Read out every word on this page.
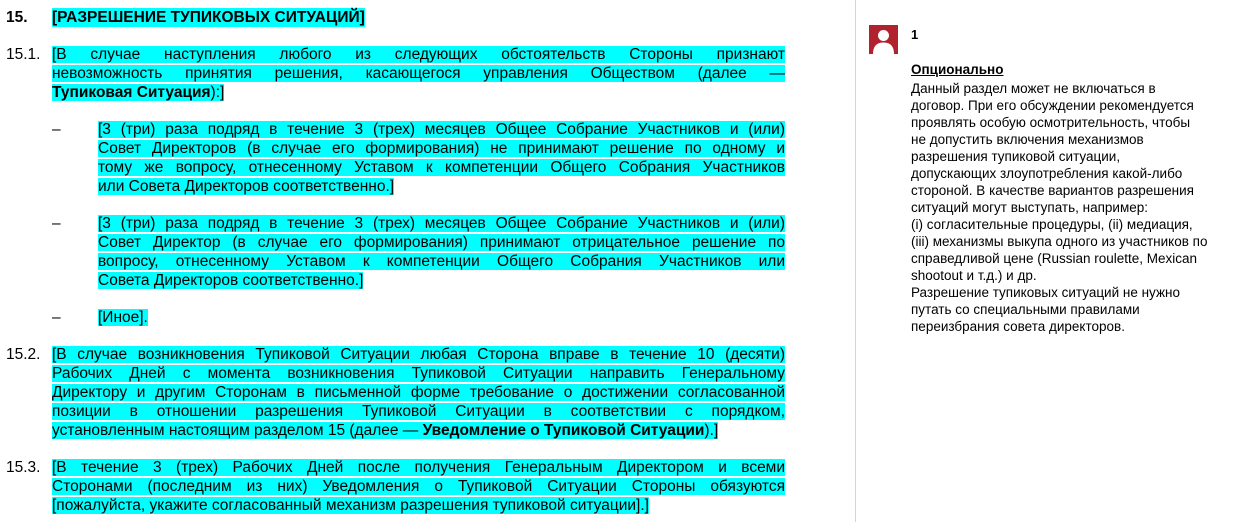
15. [РАЗРЕШЕНИЕ ТУПИКОВЫХ СИТУАЦИЙ]
15.1. [В случае наступления любого из следующих обстоятельств Стороны признают
невозможность принятия решения, касающегося управления Обществом (далее —
Тупиковая Ситуация):]
– [3 (три) раза подряд в течение 3 (трех) месяцев Общее Собрание Участников и (или)
Совет Директоров (в случае его формирования) не принимают решение по одному и
тому же вопросу, отнесенному Уставом к компетенции Общего Собрания Участников
или Совета Директоров соответственно.]
– [3 (три) раза подряд в течение 3 (трех) месяцев Общее Собрание Участников и (или)
Совет Директор (в случае его формирования) принимают отрицательное решение по
вопросу, отнесенному Уставом к компетенции Общего Собрания Участников или
Совета Директоров соответственно.]
– [Иное].
15.2. [В случае возникновения Тупиковой Ситуации любая Сторона вправе в течение 10 (десяти)
Рабочих Дней с момента возникновения Тупиковой Ситуации направить Генеральному
Директору и другим Сторонам в письменной форме требование о достижении согласованной
позиции в отношении разрешения Тупиковой Ситуации в соответствии с порядком,
установленным настоящим разделом 15 (далее — Уведомление о Тупиковой Ситуации).]
15.3. [В течение 3 (трех) Рабочих Дней после получения Генеральным Директором и всеми
Сторонами (последним из них) Уведомления о Тупиковой Ситуации Стороны обязуются
[пожалуйста, укажите согласованный механизм разрешения тупиковой ситуации].]
1
Опционально
Данный раздел может не включаться в
договор. При его обсуждении рекомендуется
проявлять особую осмотрительность, чтобы
не допустить включения механизмов
разрешения тупиковой ситуации,
допускающих злоупотребления какой-либо
стороной. В качестве вариантов разрешения
ситуаций могут выступать, например:
(i) согласительные процедуры, (ii) медиация,
(iii) механизмы выкупа одного из участников по
справедливой цене (Russian roulette, Mexican
shootout и т.д.) и др.
Разрешение тупиковых ситуаций не нужно
путать со специальными правилами
переизбрания совета директоров.
